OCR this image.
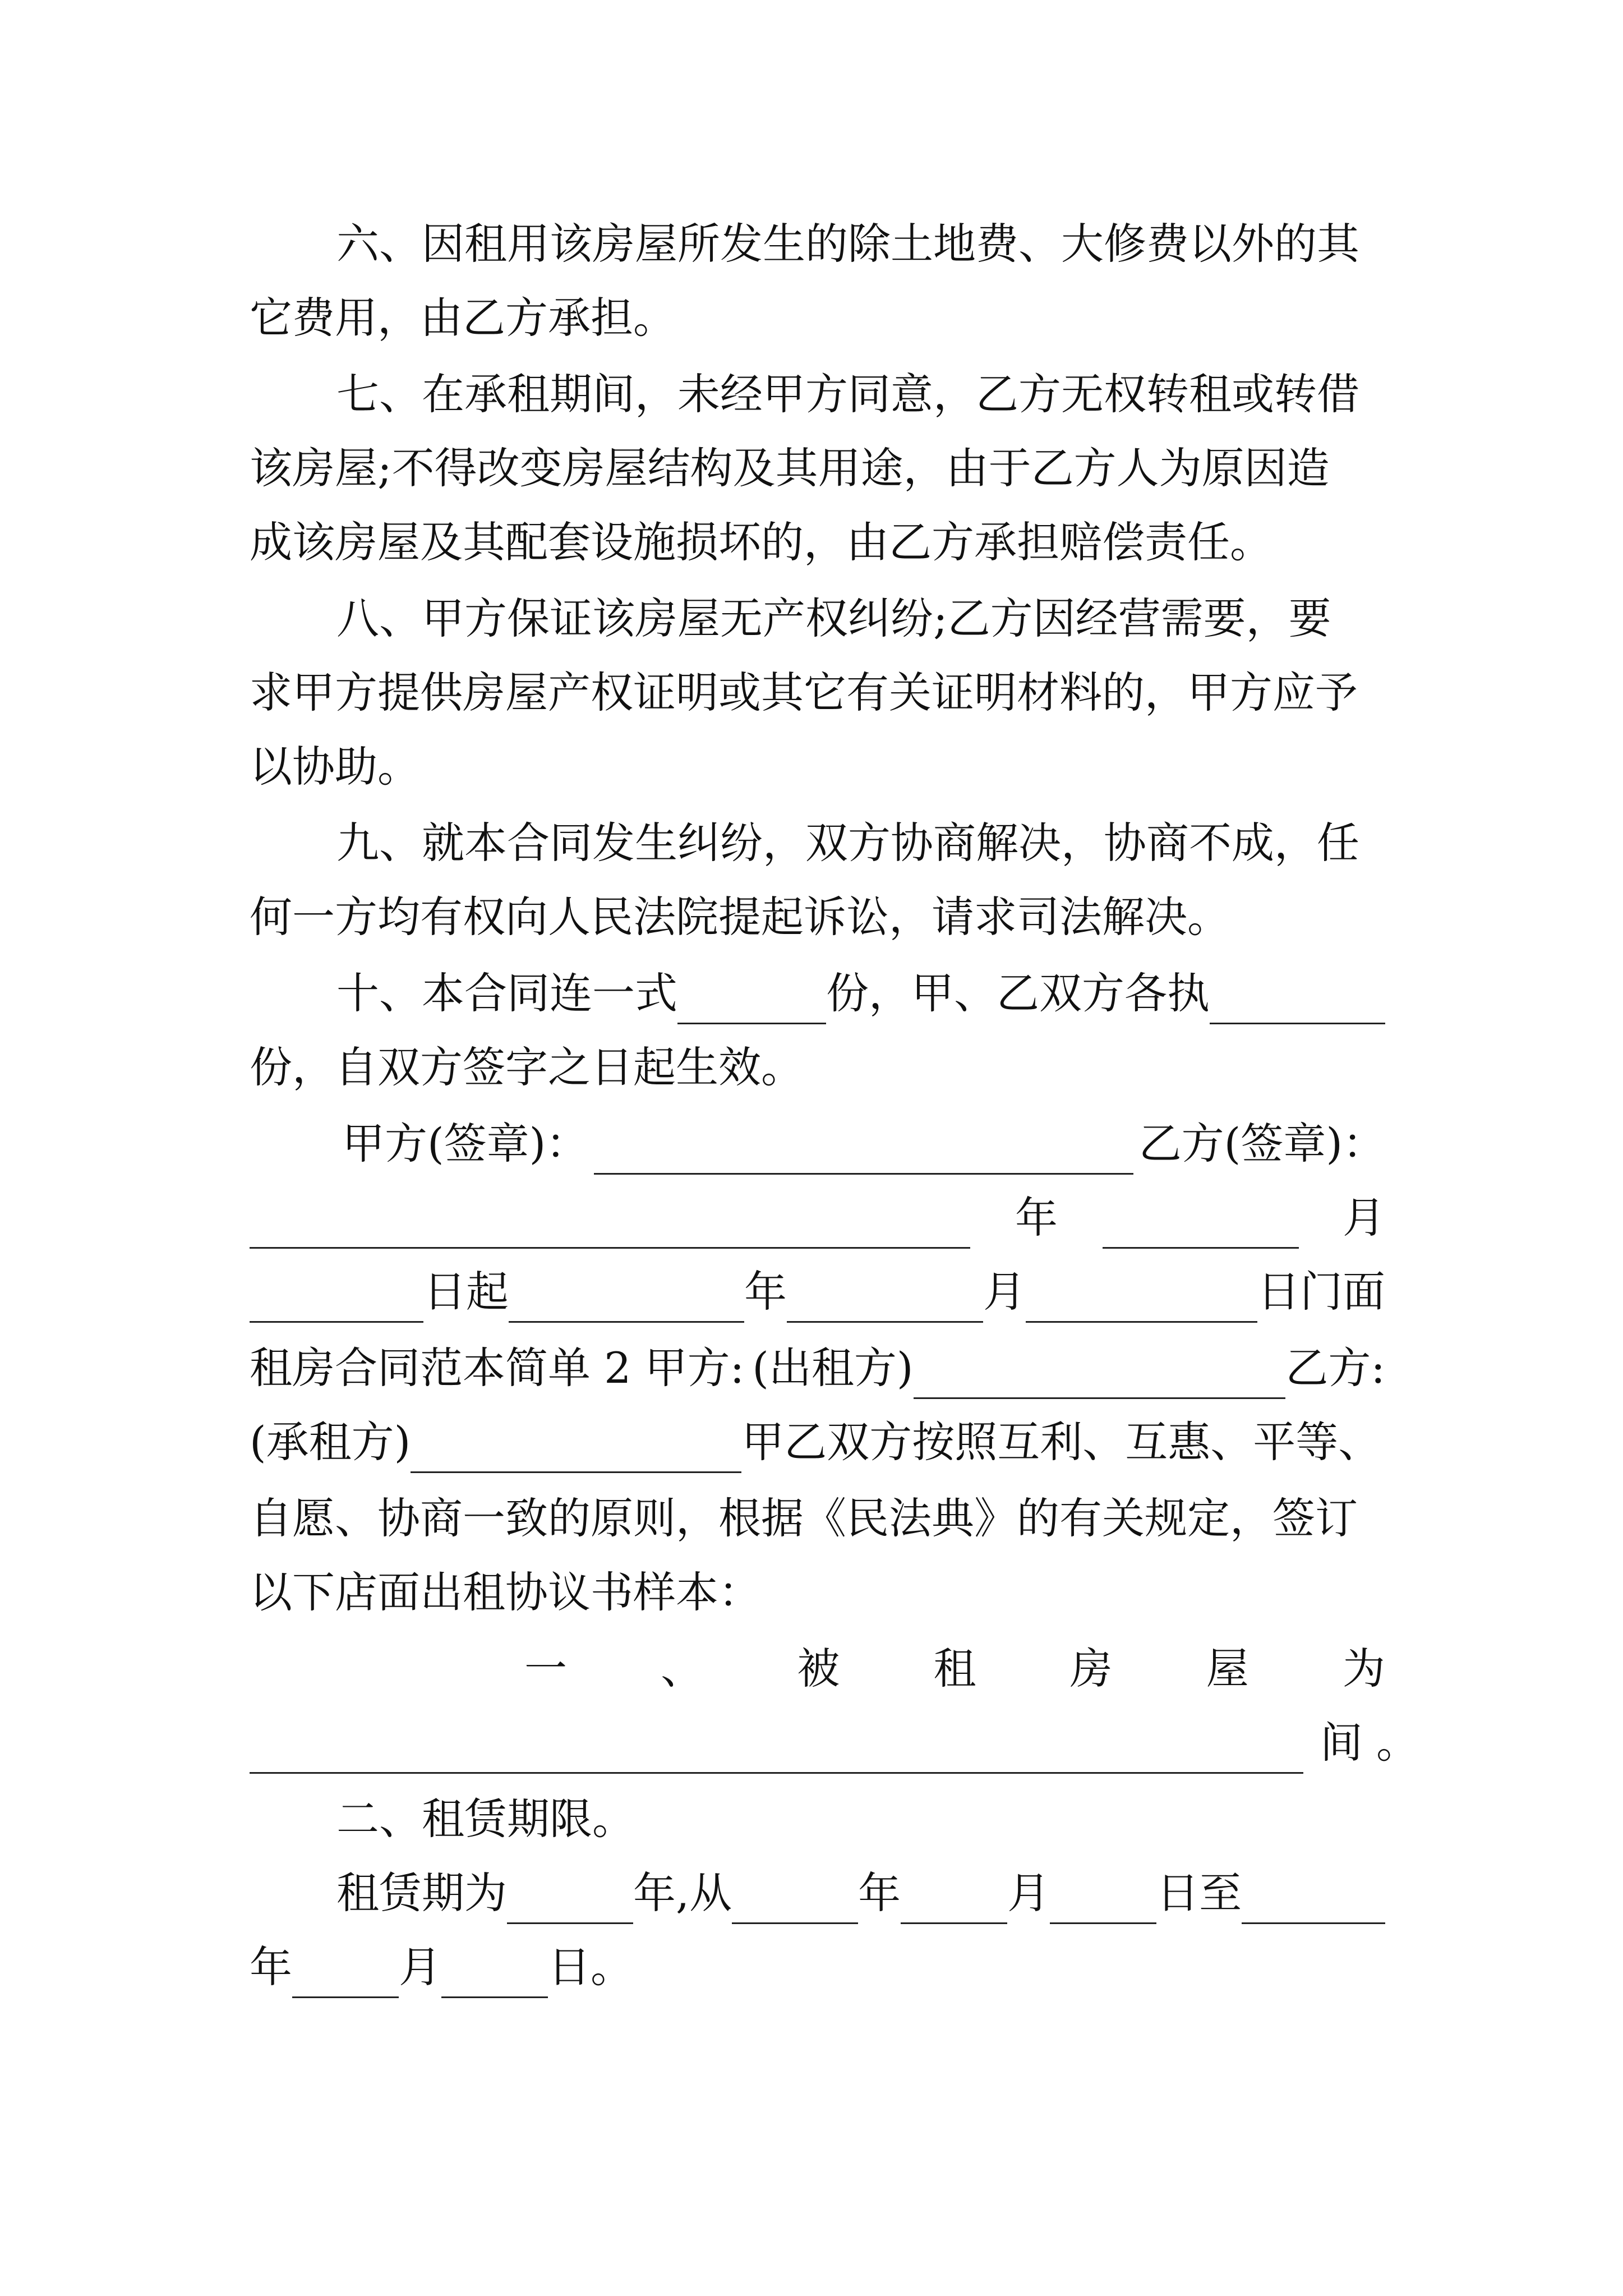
六、因租用该房屋所发生的除土地费、大修费以外的其
它费用，由乙方承担。
七、在承租期间，未经甲方同意，乙方无权转租或转借
该房屋;不得改变房屋结构及其用途，由于乙方人为原因造
成该房屋及其配套设施损坏的，由乙方承担赔偿责任。
八、甲方保证该房屋无产权纠纷;乙方因经营需要，要
求甲方提供房屋产权证明或其它有关证明材料的，甲方应予
以协助。
九、就本合同发生纠纷，双方协商解决，协商不成，任
何一方均有权向人民法院提起诉讼，请求司法解决。
十、本合同连一式	份，甲、乙双方各执
份，自双方签字之日起生效。
甲方(签章)：	乙方(签章)：
年	月
日起	年	月	日门面
租房合同范本简单 2 甲方: (出租方)	乙方:
(承租方)	甲乙双方按照互利、互惠、平等、
自愿、协商一致的原则，根据《民法典》的有关规定，签订
以下店面出租协议书样本：
一 、 被 租 房 屋 为
间 。
二、租赁期限。
租赁期为	年,从	年	月	日至
年	月	日。
